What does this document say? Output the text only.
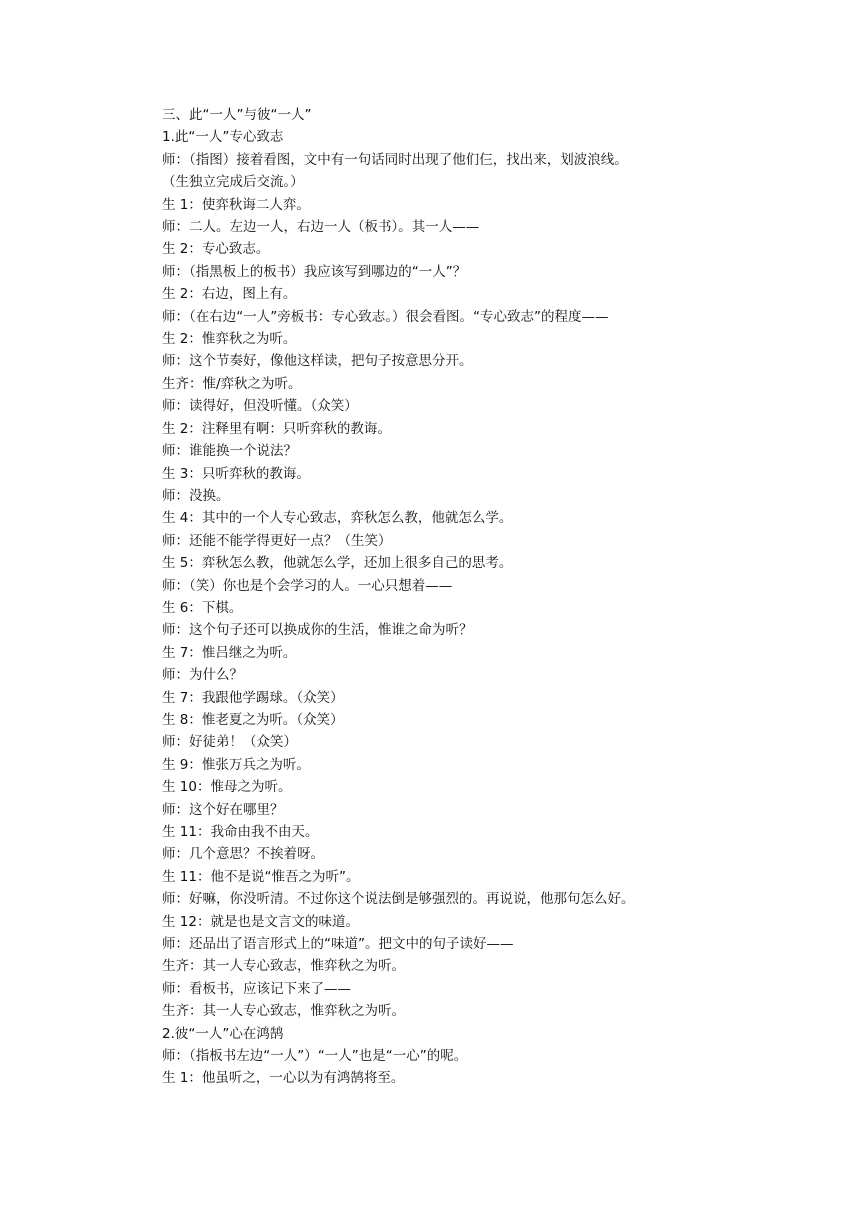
三、此“一人”与彼“一人”

1.此“一人”专心致志

师：（指图）接着看图，文中有一句话同时出现了他们仨，找出来，划波浪线。

（生独立完成后交流。）

生 1：使弈秋诲二人弈。

师：二人。左边一人，右边一人（板书）。其一人——

生 2：专心致志。

师：（指黑板上的板书）我应该写到哪边的“一人”？

生 2：右边，图上有。

师：（在右边“一人”旁板书：专心致志。）很会看图。“专心致志”的程度——

生 2：惟弈秋之为听。

师：这个节奏好，像他这样读，把句子按意思分开。

生齐：惟/弈秋之为听。

师：读得好，但没听懂。（众笑）

生 2：注释里有啊：只听弈秋的教诲。

师：谁能换一个说法？

生 3：只听弈秋的教诲。

师：没换。

生 4：其中的一个人专心致志，弈秋怎么教，他就怎么学。

师：还能不能学得更好一点？（生笑）

生 5：弈秋怎么教，他就怎么学，还加上很多自己的思考。

师：（笑）你也是个会学习的人。一心只想着——

生 6：下棋。

师：这个句子还可以换成你的生活，惟谁之命为听？

生 7：惟吕继之为听。

师：为什么？

生 7：我跟他学踢球。（众笑）

生 8：惟老夏之为听。（众笑）

师：好徒弟！（众笑）

生 9：惟张万兵之为听。

生 10：惟母之为听。

师：这个好在哪里？

生 11：我命由我不由天。

师：几个意思？不挨着呀。

生 11：他不是说“惟吾之为听”。

师：好嘛，你没听清。不过你这个说法倒是够强烈的。再说说，他那句怎么好。

生 12：就是也是文言文的味道。

师：还品出了语言形式上的“味道”。把文中的句子读好——

生齐：其一人专心致志，惟弈秋之为听。

师：看板书，应该记下来了——

生齐：其一人专心致志，惟弈秋之为听。

2.彼“一人”心在鸿鹄

师：（指板书左边“一人”）“一人”也是“一心”的呢。

生 1：他虽听之，一心以为有鸿鹄将至。
